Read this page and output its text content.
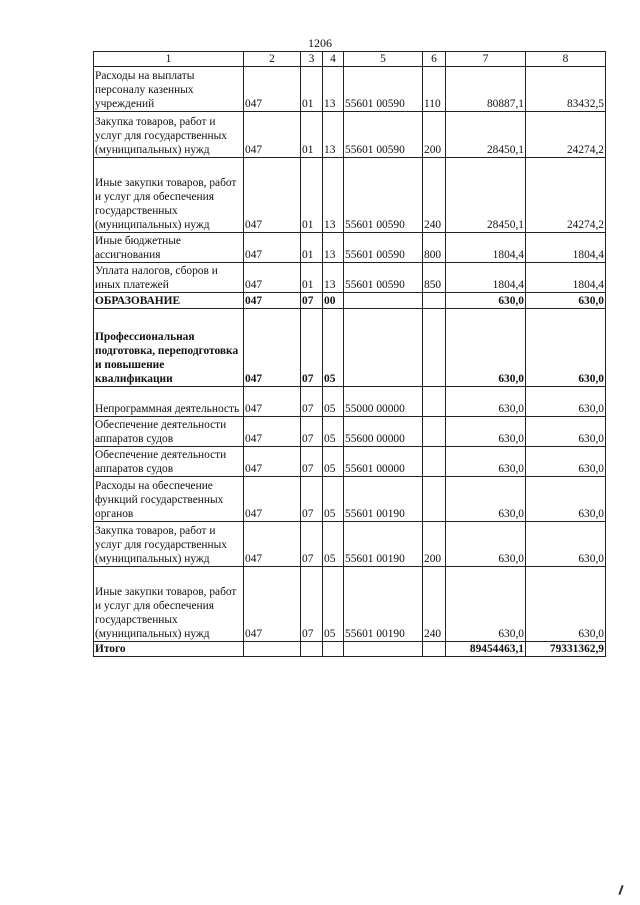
1206
1	2	3	4	5	6	7	8
Расходы на выплаты персоналу казенных учреждений	047	01	13	55601 00590	110	80887,1	83432,5
Закупка товаров, работ и услуг для государственных (муниципальных) нужд	047	01	13	55601 00590	200	28450,1	24274,2
Иные закупки товаров, работ и услуг для обеспечения государственных (муниципальных) нужд	047	01	13	55601 00590	240	28450,1	24274,2
Иные бюджетные ассигнования	047	01	13	55601 00590	800	1804,4	1804,4
Уплата налогов, сборов и иных платежей	047	01	13	55601 00590	850	1804,4	1804,4
ОБРАЗОВАНИЕ	047	07	00			630,0	630,0
Профессиональная подготовка, переподготовка и повышение квалификации	047	07	05			630,0	630,0
Непрограммная деятельность	047	07	05	55000 00000		630,0	630,0
Обеспечение деятельности аппаратов судов	047	07	05	55600 00000		630,0	630,0
Обеспечение деятельности аппаратов судов	047	07	05	55601 00000		630,0	630,0
Расходы на обеспечение функций государственных органов	047	07	05	55601 00190		630,0	630,0
Закупка товаров, работ и услуг для государственных (муниципальных) нужд	047	07	05	55601 00190	200	630,0	630,0
Иные закупки товаров, работ и услуг для обеспечения государственных (муниципальных) нужд	047	07	05	55601 00190	240	630,0	630,0
Итого						89454463,1	79331362,9
